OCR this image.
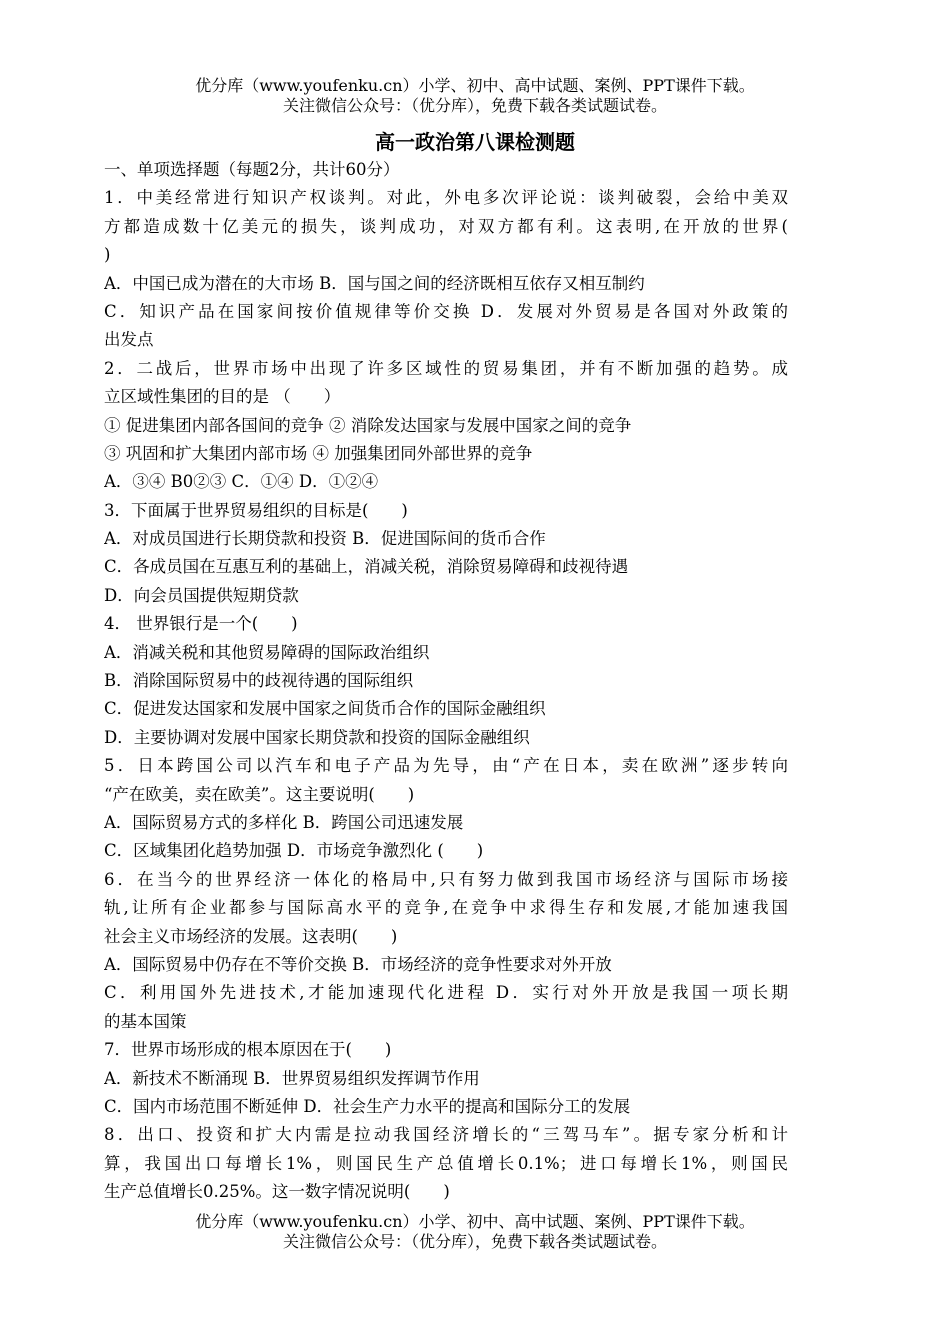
优分库（www.youfenku.cn）小学、初中、高中试题、案例、PPT课件下载。
关注微信公众号：（优分库），免费下载各类试题试卷。
高一政治第八课检测题
一、单项选择题（每题2分，共计60分）
1．中美经常进行知识产权谈判。对此，外电多次评论说：谈判破裂，会给中美双
方都造成数十亿美元的损失，谈判成功，对双方都有利。这表明,在开放的世界(
)
A．中国已成为潜在的大市场 B．国与国之间的经济既相互依存又相互制约
C．知识产品在国家间按价值规律等价交换 D．发展对外贸易是各国对外政策的
出发点
2．二战后，世界市场中出现了许多区域性的贸易集团，并有不断加强的趋势。成
立区域性集团的目的是 （　　）
① 促进集团内部各国间的竞争 ② 消除发达国家与发展中国家之间的竞争
③ 巩固和扩大集团内部市场 ④ 加强集团同外部世界的竞争
A．③④ B0②③ C．①④ D．①②④
3．下面属于世界贸易组织的目标是(　　)
A．对成员国进行长期贷款和投资 B．促进国际间的货币合作
C．各成员国在互惠互利的基础上，消减关税，消除贸易障碍和歧视待遇
D．向会员国提供短期贷款
4． 世界银行是一个(　　)
A．消减关税和其他贸易障碍的国际政治组织
B．消除国际贸易中的歧视待遇的国际组织
C．促进发达国家和发展中国家之间货币合作的国际金融组织
D．主要协调对发展中国家长期贷款和投资的国际金融组织
5．日本跨国公司以汽车和电子产品为先导，由“产在日本，卖在欧洲”逐步转向
“产在欧美，卖在欧美”。这主要说明(　　)
A．国际贸易方式的多样化 B．跨国公司迅速发展
C．区域集团化趋势加强 D．市场竞争激烈化 (　　)
6．在当今的世界经济一体化的格局中,只有努力做到我国市场经济与国际市场接
轨,让所有企业都参与国际高水平的竞争,在竞争中求得生存和发展,才能加速我国
社会主义市场经济的发展。这表明(　　)
A．国际贸易中仍存在不等价交换 B．市场经济的竞争性要求对外开放
C．利用国外先进技术,才能加速现代化进程 D．实行对外开放是我国一项长期
的基本国策
7．世界市场形成的根本原因在于(　　)
A．新技术不断涌现 B．世界贸易组织发挥调节作用
C．国内市场范围不断延伸 D．社会生产力水平的提高和国际分工的发展
8．出口、投资和扩大内需是拉动我国经济增长的“三驾马车”。据专家分析和计
算，我国出口每增长1%，则国民生产总值增长0.1%；进口每增长1%，则国民
生产总值增长0.25%。这一数字情况说明(　　)
优分库（www.youfenku.cn）小学、初中、高中试题、案例、PPT课件下载。
关注微信公众号：（优分库），免费下载各类试题试卷。
